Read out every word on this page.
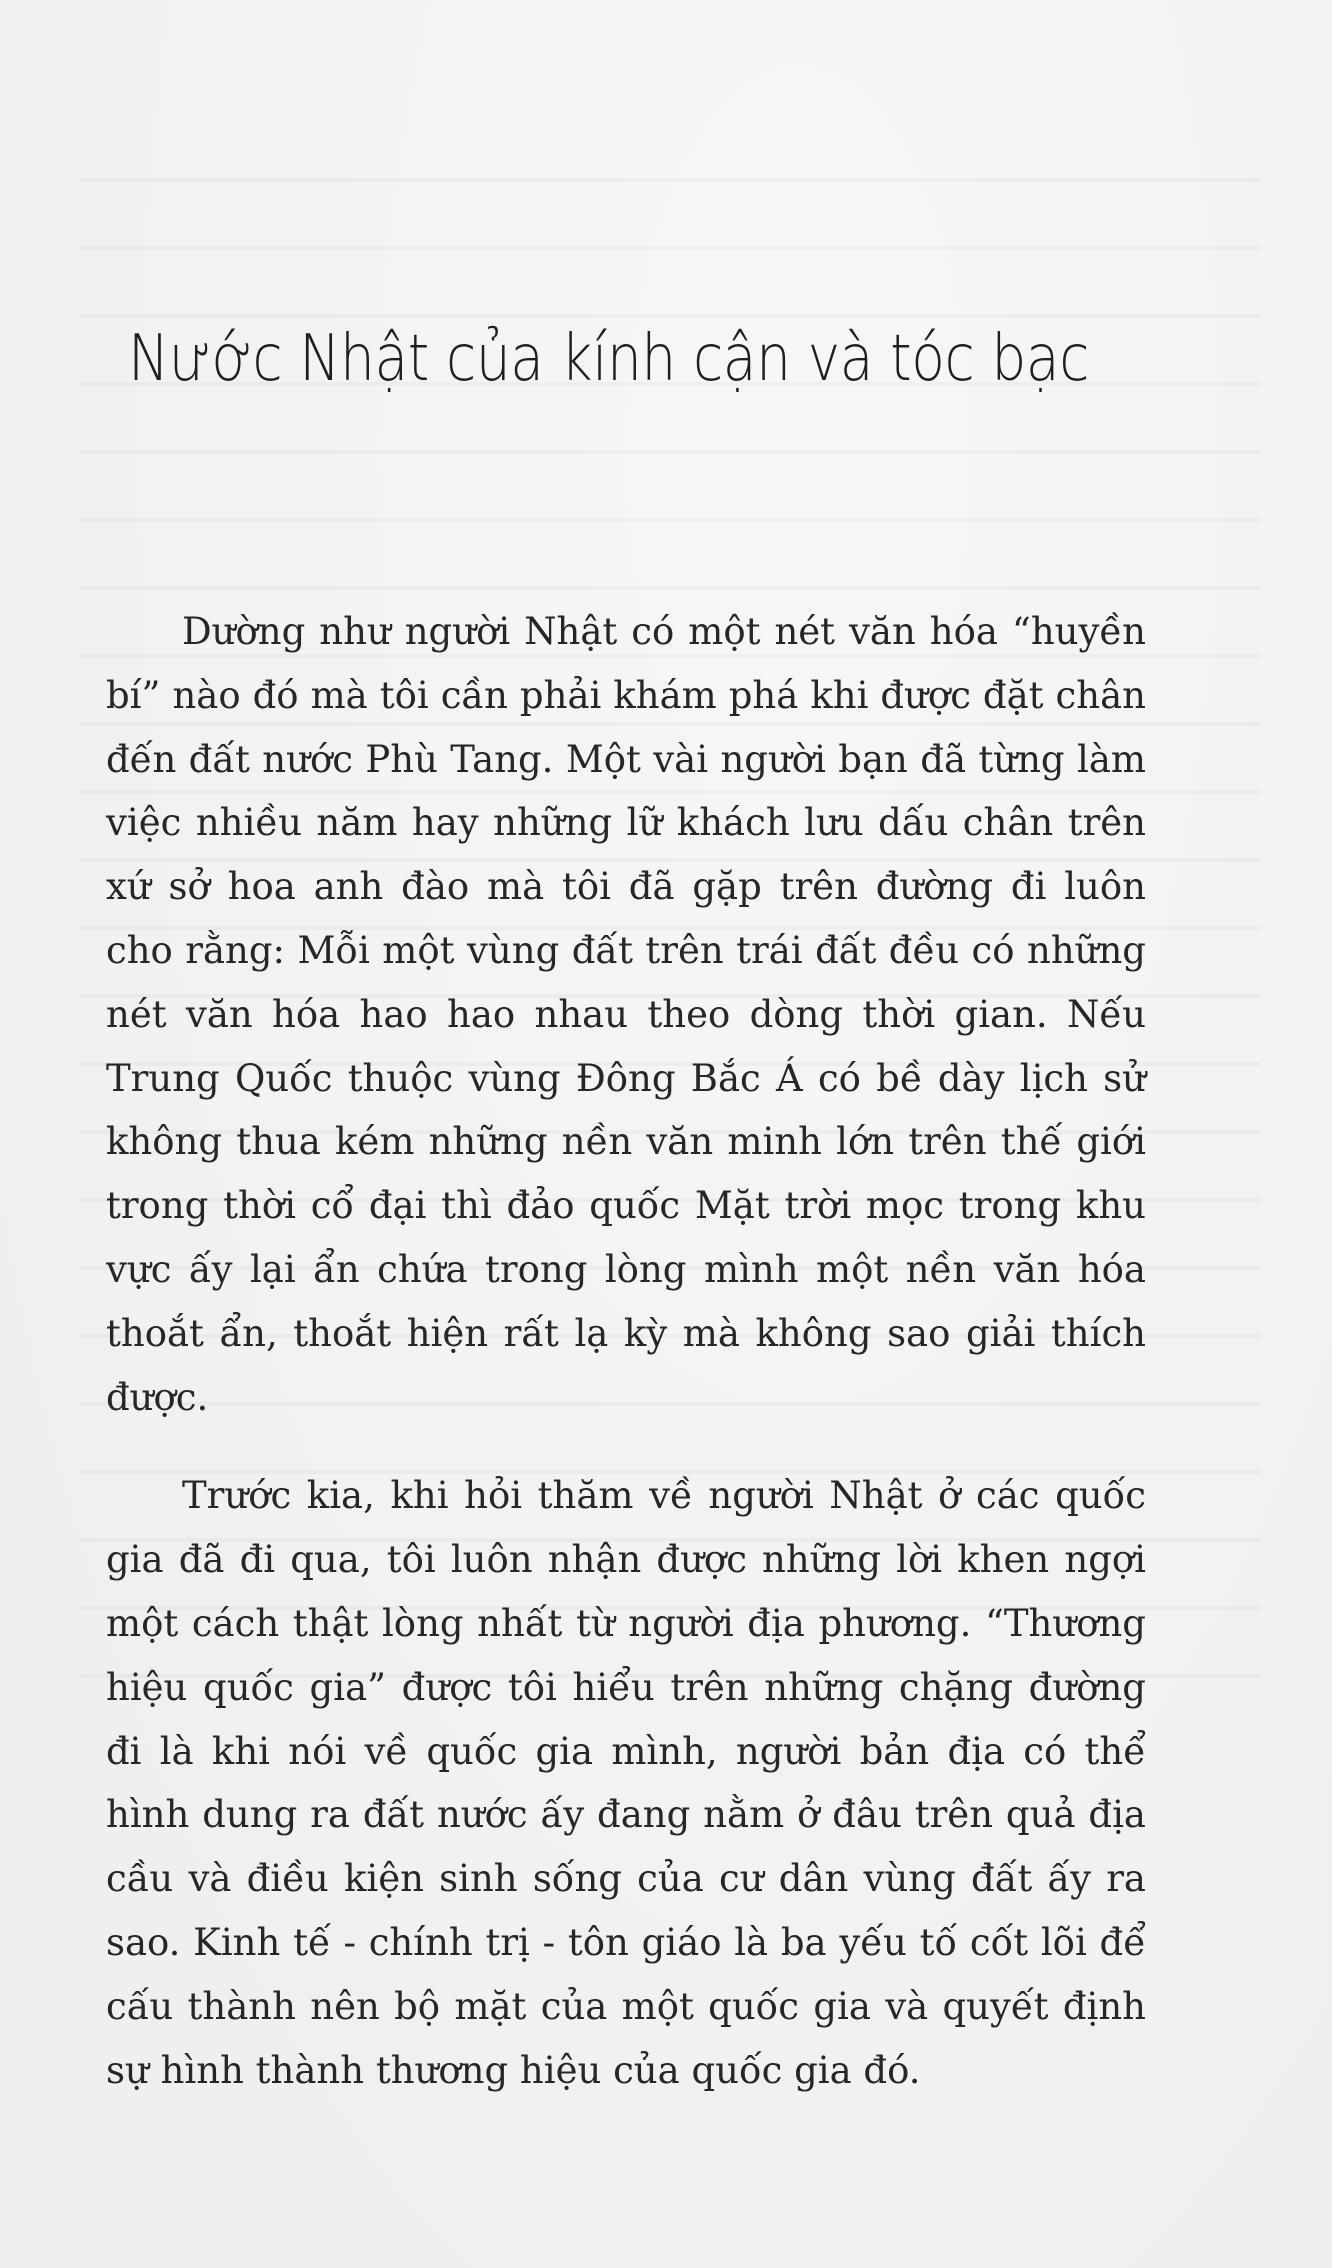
Nước Nhật của kính cận và tóc bạc

Dường như người Nhật có một nét văn hóa “huyền bí” nào đó mà tôi cần phải khám phá khi được đặt chân đến đất nước Phù Tang. Một vài người bạn đã từng làm việc nhiều năm hay những lữ khách lưu dấu chân trên xứ sở hoa anh đào mà tôi đã gặp trên đường đi luôn cho rằng: Mỗi một vùng đất trên trái đất đều có những nét văn hóa hao hao nhau theo dòng thời gian. Nếu Trung Quốc thuộc vùng Đông Bắc Á có bề dày lịch sử không thua kém những nền văn minh lớn trên thế giới trong thời cổ đại thì đảo quốc Mặt trời mọc trong khu vực ấy lại ẩn chứa trong lòng mình một nền văn hóa thoắt ẩn, thoắt hiện rất lạ kỳ mà không sao giải thích được.

Trước kia, khi hỏi thăm về người Nhật ở các quốc gia đã đi qua, tôi luôn nhận được những lời khen ngợi một cách thật lòng nhất từ người địa phương. “Thương hiệu quốc gia” được tôi hiểu trên những chặng đường đi là khi nói về quốc gia mình, người bản địa có thể hình dung ra đất nước ấy đang nằm ở đâu trên quả địa cầu và điều kiện sinh sống của cư dân vùng đất ấy ra sao. Kinh tế - chính trị - tôn giáo là ba yếu tố cốt lõi để cấu thành nên bộ mặt của một quốc gia và quyết định sự hình thành thương hiệu của quốc gia đó.
